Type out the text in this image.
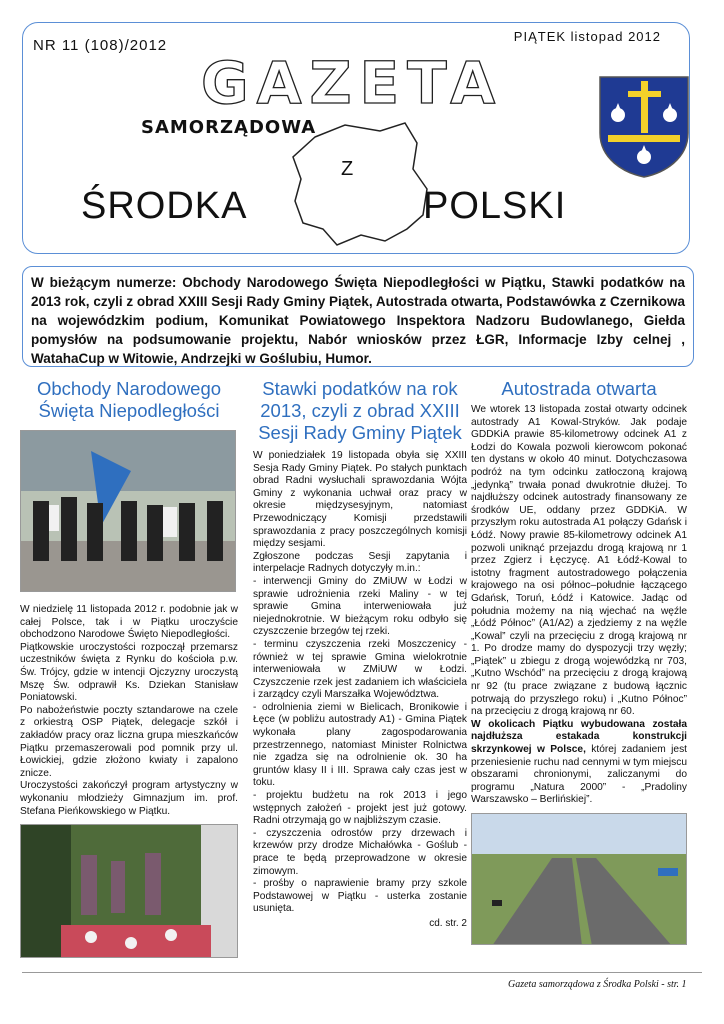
NR 11 (108)/2012
PIĄTEK listopad 2012
GAZETA
SAMORZĄDOWA
Z
ŚRODKA	POLSKI
W bieżącym numerze: Obchody Narodowego Święta Niepodległości w Piątku, Stawki podatków na 2013 rok, czyli z obrad XXIII Sesji Rady Gminy Piątek, Autostrada otwarta, Podstawówka z Czernikowa na wojewódzkim podium, Komunikat Powiatowego Inspektora Nadzoru Budowlanego, Giełda pomysłów na podsumowanie projektu, Nabór wniosków przez ŁGR, Informacje Izby celnej , WatahaCup w Witowie, Andrzejki w Goślubiu, Humor.
Obchody Narodowego Święta Niepodległości

W niedzielę 11 listopada 2012 r. podobnie jak w całej Polsce, tak i w Piątku uroczyście obchodzono Narodowe Święto Niepodległości.

Piątkowskie uroczystości rozpoczął przemarsz uczestników święta z Rynku do kościoła p.w. Św. Trójcy, gdzie w intencji Ojczyzny uroczystą Mszę Św. odprawił Ks. Dziekan Stanisław Poniatowski.

Po nabożeństwie poczty sztandarowe na czele z orkiestrą OSP Piątek, delegacje szkół i zakładów pracy oraz liczna grupa mieszkańców Piątku przemaszerowali pod pomnik przy ul. Łowickiej, gdzie złożono kwiaty i zapalono znicze.

Uroczystości zakończył program artystyczny w wykonaniu młodzieży Gimnazjum im. prof. Stefana Pieńkowskiego w Piątku.

Stawki podatków na rok 2013, czyli z obrad XXIII Sesji Rady Gminy Piątek

W poniedziałek 19 listopada obyła się XXIII Sesja Rady Gminy Piątek. Po stałych punktach obrad Radni wysłuchali sprawozdania Wójta Gminy z wykonania uchwał oraz pracy w okresie międzysesyjnym, natomiast Przewodniczący Komisji przedstawili sprawozdania z pracy poszczególnych komisji między sesjami.

Zgłoszone podczas Sesji zapytania i interpelacje Radnych dotyczyły m.in.:

- interwencji Gminy do ZMiUW w Łodzi w sprawie udrożnienia rzeki Maliny - w tej sprawie Gmina interweniowała już niejednokrotnie. W bieżącym roku odbyło się czyszczenie brzegów tej rzeki.

- terminu czyszczenia rzeki Moszczenicy - również w tej sprawie Gmina wielokrotnie interweniowała w ZMiUW w Łodzi. Czyszczenie rzek jest zadaniem ich właściciela i zarządcy czyli Marszałka Województwa.

- odrolnienia ziemi w Bielicach, Bronikowie i Łęce (w pobliżu autostrady A1) - Gmina Piątek wykonała plany zagospodarowania przestrzennego, natomiast Minister Rolnictwa nie zgadza się na odrolnienie ok. 30 ha gruntów klasy II i III. Sprawa cały czas jest w toku.

- projektu budżetu na rok 2013 i jego wstępnych założeń - projekt jest już gotowy. Radni otrzymają go w najbliższym czasie.

- czyszczenia odrostów przy drzewach i krzewów przy drodze Michałówka - Goślub - prace te będą przeprowadzone w okresie zimowym.

- prośby o naprawienie bramy przy szkole Podstawowej w Piątku - usterka zostanie usunięta.

cd. str. 2
Autostrada otwarta

We wtorek 13 listopada został otwarty odcinek autostrady A1 Kowal-Stryków. Jak podaje GDDKiA prawie 85-kilometrowy odcinek A1 z Łodzi do Kowala pozwoli kierowcom pokonać ten dystans w około 40 minut. Dotychczasowa podróż na tym odcinku zatłoczoną krajową „jedynką” trwała ponad dwukrotnie dłużej. To najdłuższy odcinek autostrady finansowany ze środków UE, oddany przez GDDKiA. W przyszłym roku autostrada A1 połączy Gdańsk i Łódź. Nowy prawie 85-kilometrowy odcinek A1 pozwoli uniknąć przejazdu drogą krajową nr 1 przez Zgierz i Łęczycę. A1 Łódź-Kowal to istotny fragment autostradowego połączenia krajowego na osi północ–południe łączącego Gdańsk, Toruń, Łódź i Katowice. Jadąc od południa możemy na nią wjechać na węźle „Łódź Północ” (A1/A2) a zjedziemy z na węźle „Kowal” czyli na przecięciu z drogą krajową nr 1. Po drodze mamy do dyspozycji trzy węzły; „Piątek” u zbiegu z drogą wojewódzką nr 703, „Kutno Wschód” na przecięciu z drogą krajową nr 92 (tu prace związane z budową łącznic potrwają do przyszłego roku) i „Kutno Północ” na przecięciu z drogą krajową nr 60.

W okolicach Piątku wybudowana została najdłuższa estakada konstrukcji skrzynkowej w Polsce, której zadaniem jest przeniesienie ruchu nad cennymi w tym miejscu obszarami chronionymi, zaliczanymi do programu „Natura 2000” - „Pradoliny Warszawsko – Berlińskiej”.

Gazeta samorządowa z Środka Polski - str. 1
